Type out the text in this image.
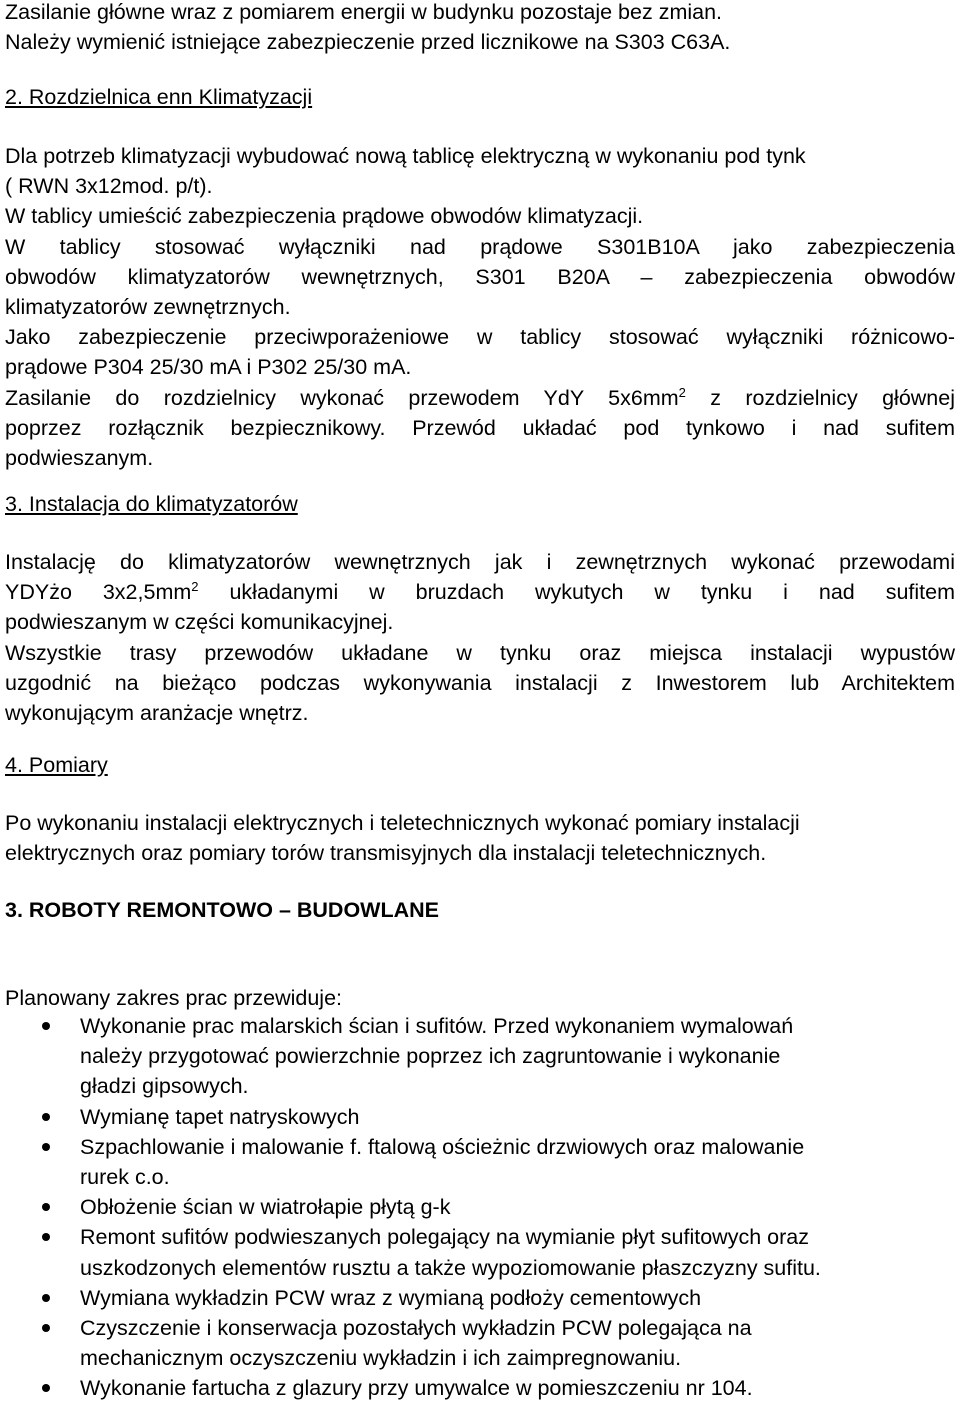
Zasilanie główne wraz z pomiarem energii w budynku pozostaje bez zmian.
Należy wymienić istniejące zabezpieczenie przed licznikowe na S303 C63A.
2. Rozdzielnica enn Klimatyzacji
Dla potrzeb klimatyzacji wybudować nową tablicę elektryczną w wykonaniu pod tynk
( RWN 3x12mod. p/t).
W tablicy umieścić zabezpieczenia prądowe obwodów klimatyzacji.
W tablicy stosować wyłączniki nad prądowe S301B10A jako zabezpieczenia
obwodów klimatyzatorów wewnętrznych, S301 B20A – zabezpieczenia obwodów
klimatyzatorów zewnętrznych.
Jako zabezpieczenie przeciwporażeniowe w tablicy stosować wyłączniki różnicowo-
prądowe P304 25/30 mA i P302 25/30 mA.
Zasilanie do rozdzielnicy wykonać przewodem YdY $5x6mm^2$ z rozdzielnicy głównej
poprzez rozłącznik bezpiecznikowy. Przewód układać pod tynkowo i nad sufitem
podwieszanym.
3. Instalacja do klimatyzatorów
Instalację do klimatyzatorów wewnętrznych jak i zewnętrznych wykonać przewodami
YDYżo $3x2,5mm^2$ układanymi w bruzdach wykutych w tynku i nad sufitem
podwieszanym w części komunikacyjnej.
Wszystkie trasy przewodów układane w tynku oraz miejsca instalacji wypustów
uzgodnić na bieżąco podczas wykonywania instalacji z Inwestorem lub Architektem
wykonującym aranżacje wnętrz.
4. Pomiary
Po wykonaniu instalacji elektrycznych i teletechnicznych wykonać pomiary instalacji
elektrycznych oraz pomiary torów transmisyjnych dla instalacji teletechnicznych.
3. ROBOTY REMONTOWO – BUDOWLANE
Planowany zakres prac przewiduje:
Wykonanie prac malarskich ścian i sufitów. Przed wykonaniem wymalowań
należy przygotować powierzchnie poprzez ich zagruntowanie i wykonanie
gładzi gipsowych.
Wymianę tapet natryskowych
Szpachlowanie i malowanie f. ftalową ościeżnic drzwiowych oraz malowanie
rurek c.o.
Obłożenie ścian w wiatrołapie płytą g-k
Remont sufitów podwieszanych polegający na wymianie płyt sufitowych oraz
uszkodzonych elementów rusztu a także wypoziomowanie płaszczyzny sufitu.
Wymiana wykładzin PCW wraz z wymianą podłoży cementowych
Czyszczenie i konserwacja pozostałych wykładzin PCW polegająca na
mechanicznym oczyszczeniu wykładzin i ich zaimpregnowaniu.
Wykonanie fartucha z glazury przy umywalce w pomieszczeniu nr 104.
